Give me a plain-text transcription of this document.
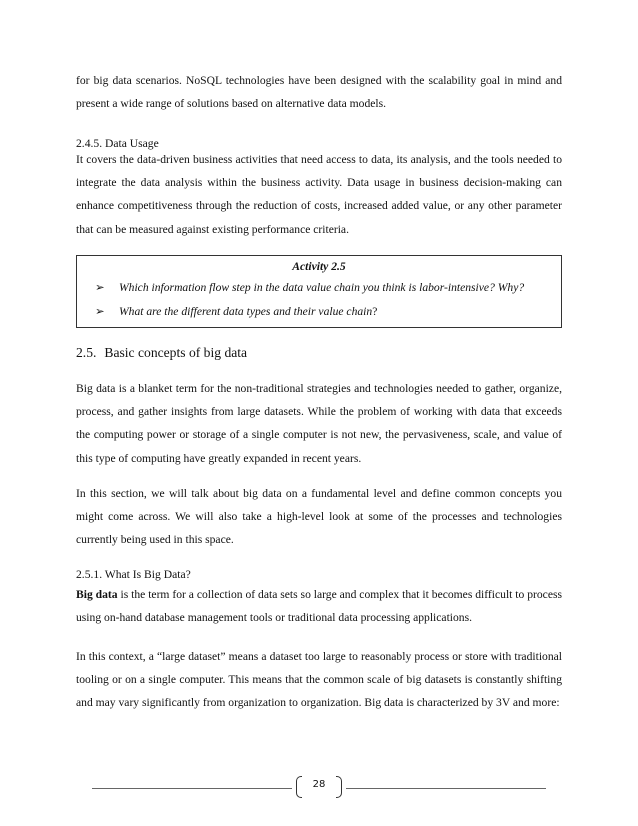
for big data scenarios. NoSQL technologies have been designed with the scalability goal in mind and present a wide range of solutions based on alternative data models.

2.4.5. Data Usage

It covers the data-driven business activities that need access to data, its analysis, and the tools needed to integrate the data analysis within the business activity. Data usage in business decision-making can enhance competitiveness through the reduction of costs, increased added value, or any other parameter that can be measured against existing performance criteria.

Activity 2.5
➢ Which information flow step in the data value chain you think is labor-intensive? Why?
➢ What are the different data types and their value chain?
2.5. Basic concepts of big data

Big data is a blanket term for the non-traditional strategies and technologies needed to gather, organize, process, and gather insights from large datasets. While the problem of working with data that exceeds the computing power or storage of a single computer is not new, the pervasiveness, scale, and value of this type of computing have greatly expanded in recent years.

In this section, we will talk about big data on a fundamental level and define common concepts you might come across. We will also take a high-level look at some of the processes and technologies currently being used in this space.

2.5.1. What Is Big Data?

Big data is the term for a collection of data sets so large and complex that it becomes difficult to process using on-hand database management tools or traditional data processing applications.

In this context, a “large dataset” means a dataset too large to reasonably process or store with traditional tooling or on a single computer. This means that the common scale of big datasets is constantly shifting and may vary significantly from organization to organization. Big data is characterized by 3V and more:

28
